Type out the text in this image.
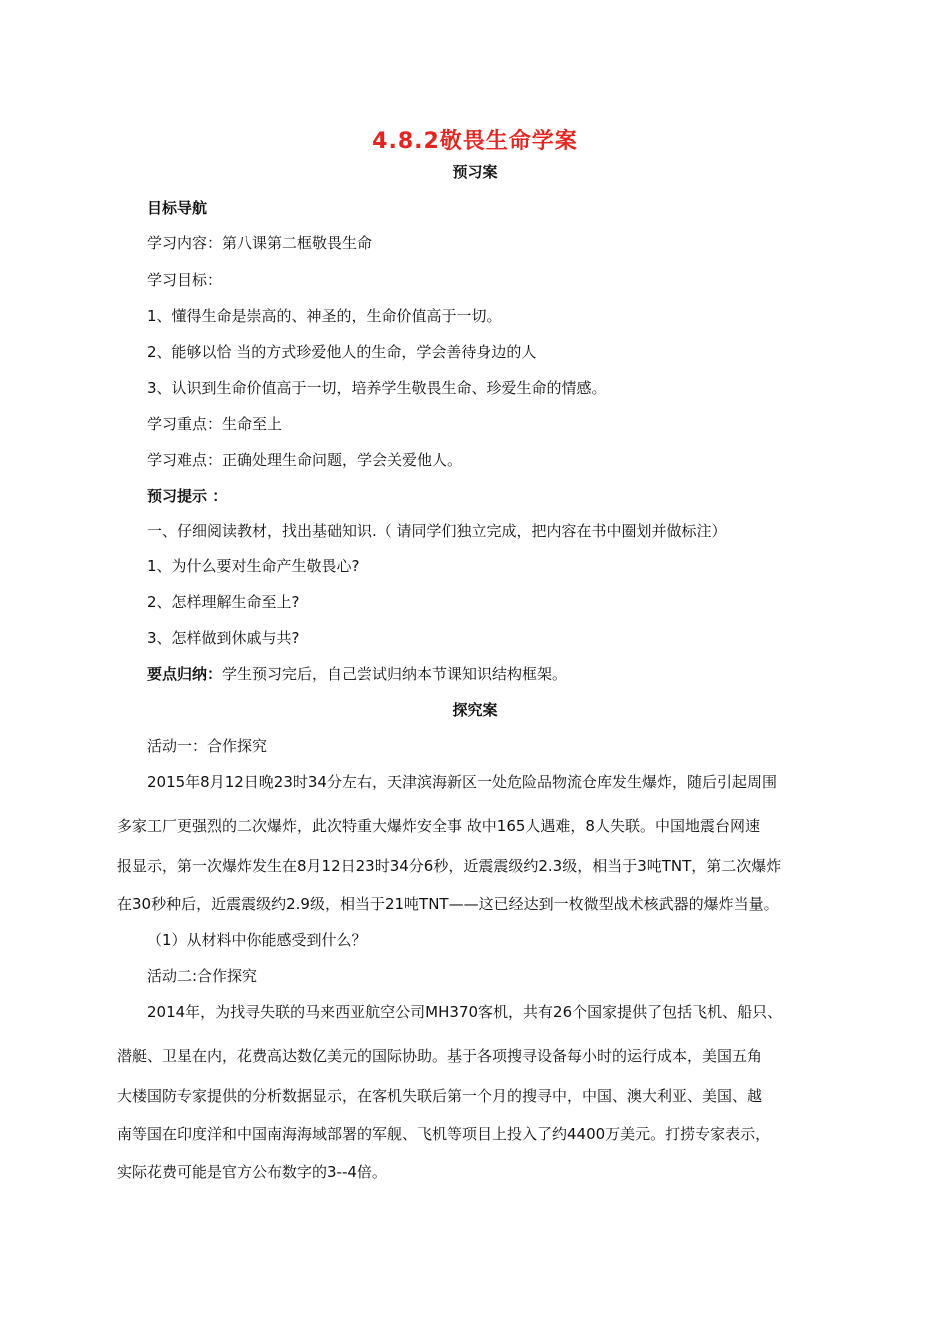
4.8.2敬畏生命学案
预习案
目标导航
学习内容：第八课第二框敬畏生命
学习目标：
1、懂得生命是崇高的、神圣的，生命价值高于一切。
2、能够以恰 当的方式珍爱他人的生命，学会善待身边的人
3、认识到生命价值高于一切，培养学生敬畏生命、珍爱生命的情感。
学习重点：生命至上
学习难点：正确处理生命问题，学会关爱他人。
预习提示 ：
一、仔细阅读教材，找出基础知识.（ 请同学们独立完成，把内容在书中圈划并做标注）
1、为什么要对生命产生敬畏心?
2、怎样理解生命至上?
3、怎样做到休戚与共?
要点归纳：学生预习完后，自己尝试归纳本节课知识结构框架。
探究案
活动一：合作探究
2015年8月12日晚23时34分左右，天津滨海新区一处危险品物流仓库发生爆炸，随后引起周围
多家工厂更强烈的二次爆炸，此次特重大爆炸安全事 故中165人遇难，8人失联。中国地震台网速
报显示，第一次爆炸发生在8月12日23时34分6秒，近震震级约2.3级，相当于3吨TNT，第二次爆炸
在30秒种后，近震震级约2.9级，相当于21吨TNT——这已经达到一枚微型战术核武器的爆炸当量。
（1）从材料中你能感受到什么？
活动二:合作探究
2014年，为找寻失联的马来西亚航空公司MH370客机，共有26个国家提供了包括飞机、船只、
潜艇、卫星在内，花费高达数亿美元的国际协助。基于各项搜寻设备每小时的运行成本，美国五角
大楼国防专家提供的分析数据显示，在客机失联后第一个月的搜寻中，中国、澳大利亚、美国、越
南等国在印度洋和中国南海海域部署的军舰、飞机等项目上投入了约4400万美元。打捞专家表示，
实际花费可能是官方公布数字的3--4倍。
